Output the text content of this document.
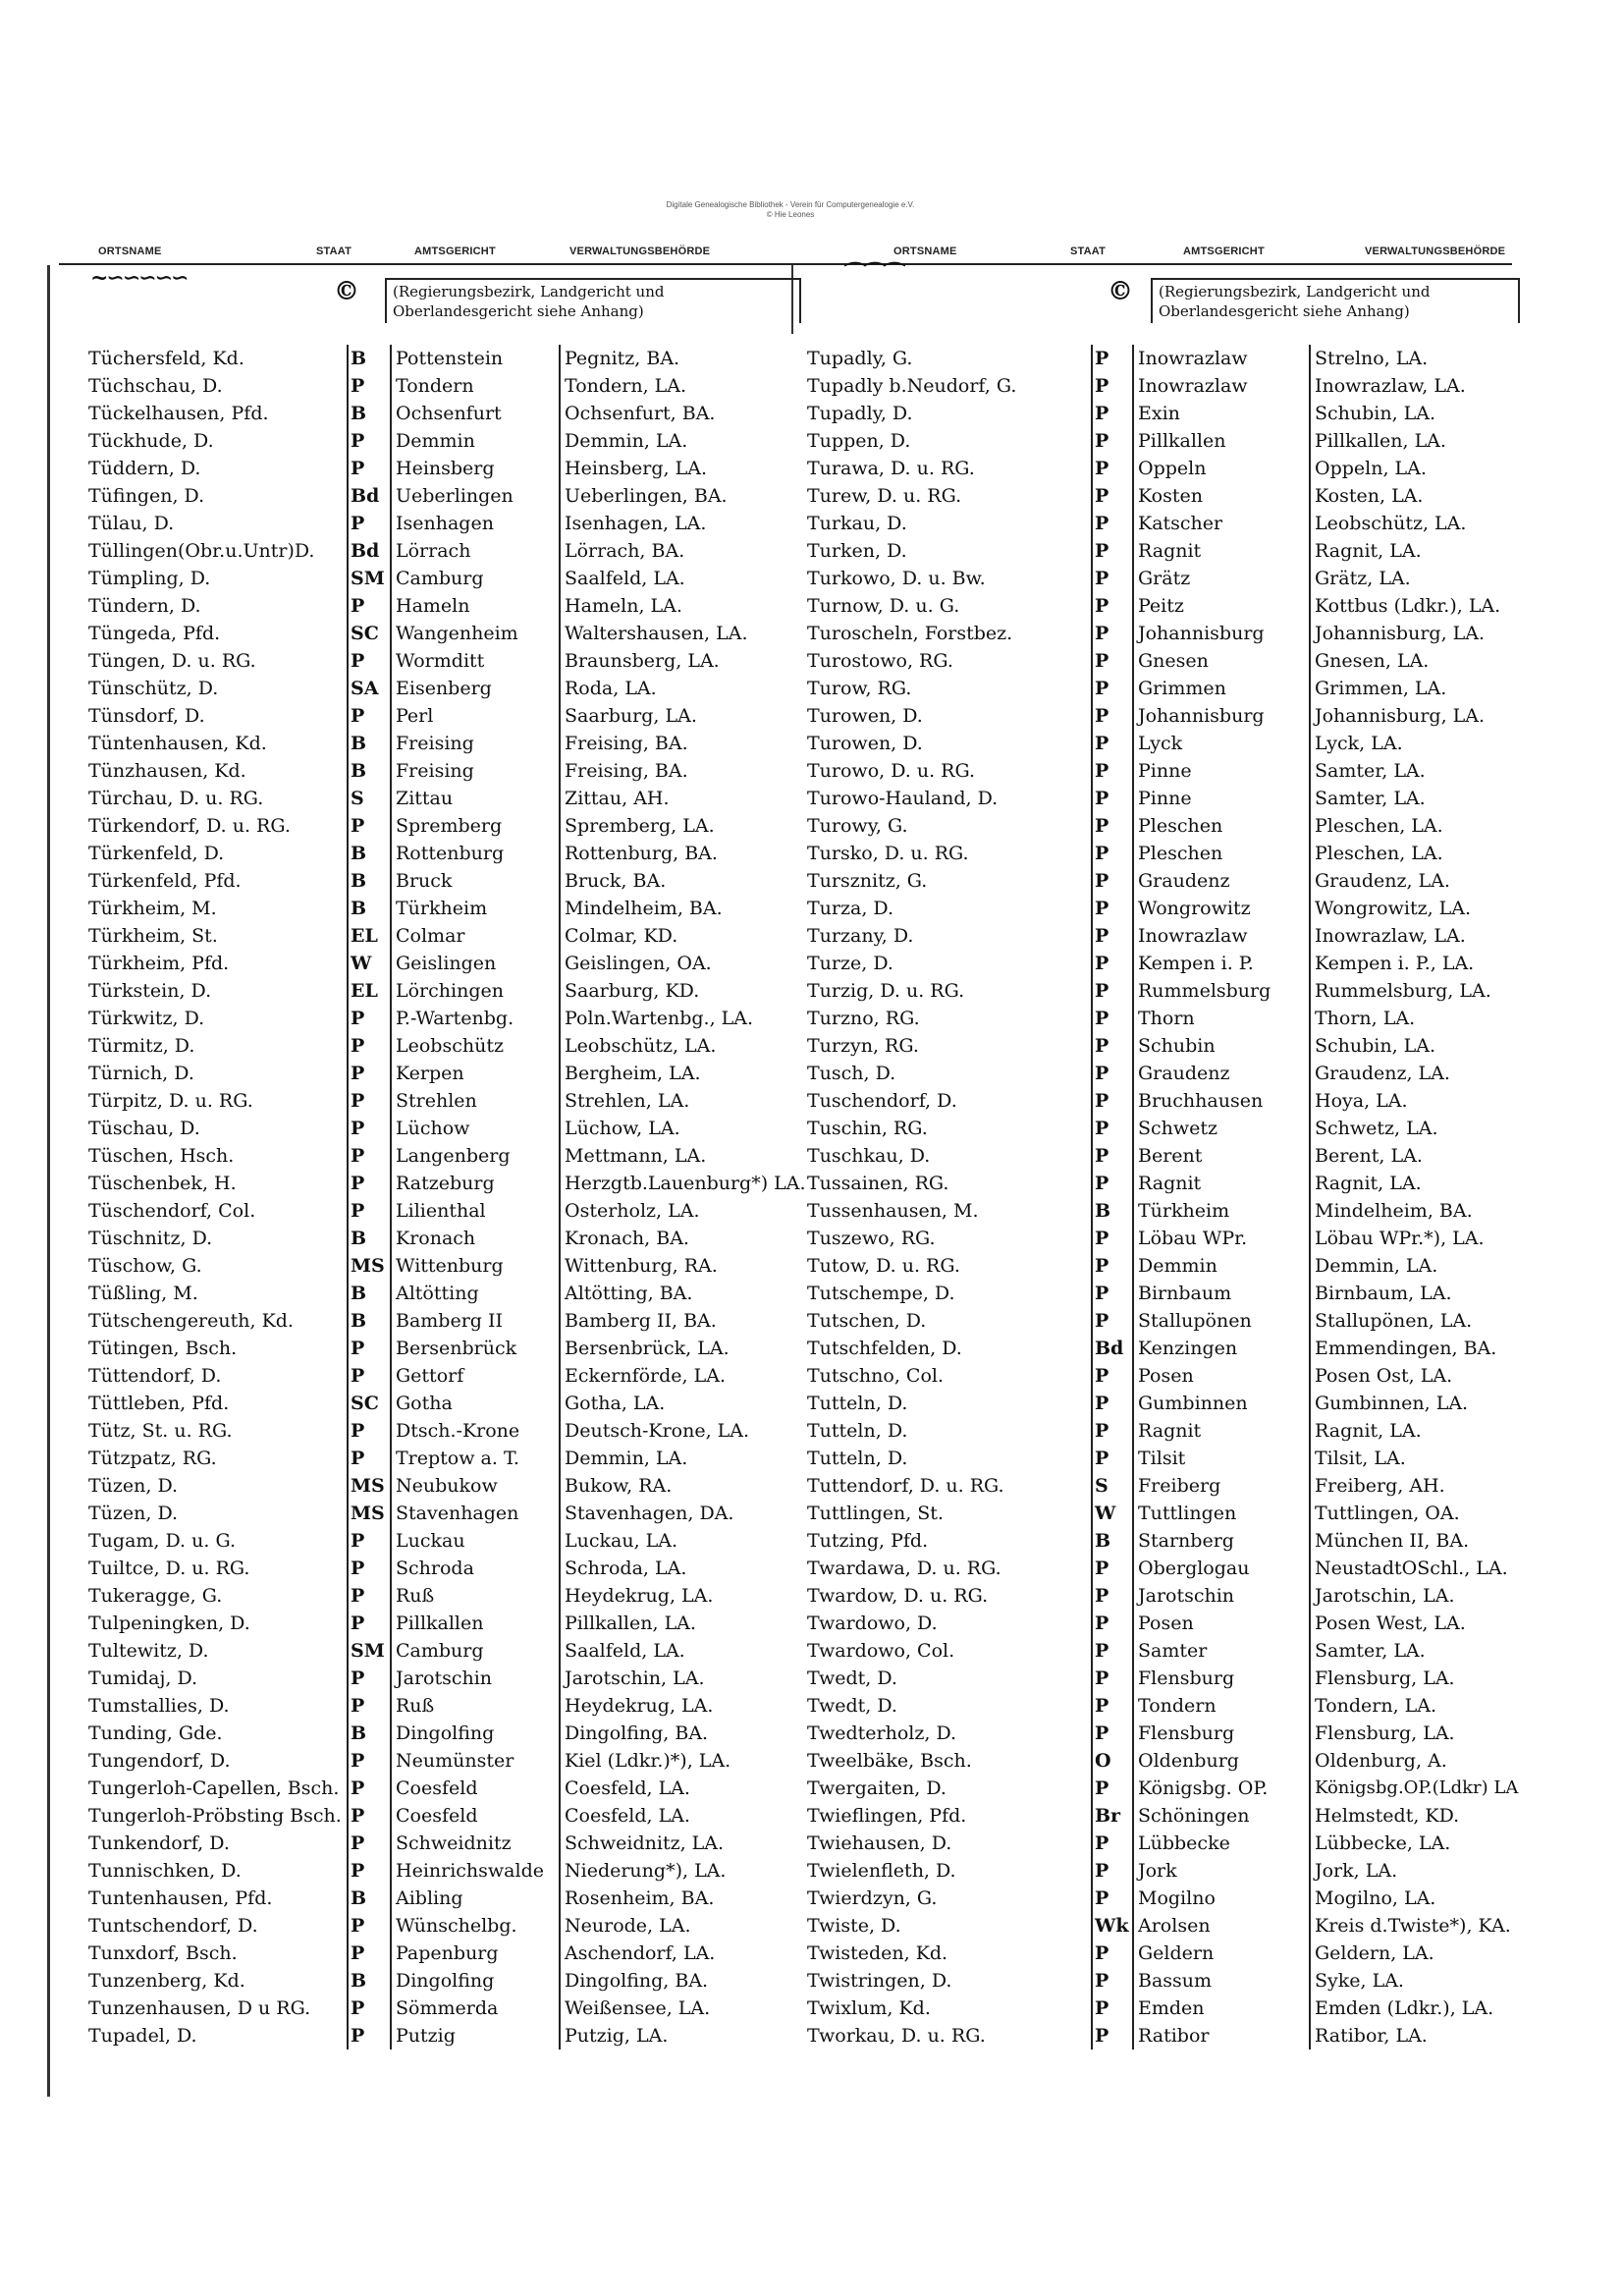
Digitale Genealogische Bibliothek - Verein für Computergenealogie e.V.
© Hie Leones
ORTSNAME	STAAT	AMTSGERICHT	VERWALTUNGSBEHÖRDE	ORTSNAME	STAAT	AMTSGERICHT	VERWALTUNGSBEHÖRDE
~∽∽∽∽∽	⌒⌒⌒
© (Regierungsbezirk, Landgericht und
Oberlandesgericht siehe Anhang)
© (Regierungsbezirk, Landgericht und
Oberlandesgericht siehe Anhang)
Tüchersfeld, Kd.	B	Pottenstein	Pegnitz, BA.
Tüchschau, D.	P	Tondern	Tondern, LA.
Tückelhausen, Pfd.	B	Ochsenfurt	Ochsenfurt, BA.
Tückhude, D.	P	Demmin	Demmin, LA.
Tüddern, D.	P	Heinsberg	Heinsberg, LA.
Tüfingen, D.	Bd	Ueberlingen	Ueberlingen, BA.
Tülau, D.	P	Isenhagen	Isenhagen, LA.
Tüllingen(Obr.u.Untr)D.	Bd	Lörrach	Lörrach, BA.
Tümpling, D.	SM	Camburg	Saalfeld, LA.
Tündern, D.	P	Hameln	Hameln, LA.
Tüngeda, Pfd.	SC	Wangenheim	Waltershausen, LA.
Tüngen, D. u. RG.	P	Wormditt	Braunsberg, LA.
Tünschütz, D.	SA	Eisenberg	Roda, LA.
Tünsdorf, D.	P	Perl	Saarburg, LA.
Tüntenhausen, Kd.	B	Freising	Freising, BA.
Tünzhausen, Kd.	B	Freising	Freising, BA.
Türchau, D. u. RG.	S	Zittau	Zittau, AH.
Türkendorf, D. u. RG.	P	Spremberg	Spremberg, LA.
Türkenfeld, D.	B	Rottenburg	Rottenburg, BA.
Türkenfeld, Pfd.	B	Bruck	Bruck, BA.
Türkheim, M.	B	Türkheim	Mindelheim, BA.
Türkheim, St.	EL	Colmar	Colmar, KD.
Türkheim, Pfd.	W	Geislingen	Geislingen, OA.
Türkstein, D.	EL	Lörchingen	Saarburg, KD.
Türkwitz, D.	P	P.-Wartenbg.	Poln.Wartenbg., LA.
Türmitz, D.	P	Leobschütz	Leobschütz, LA.
Türnich, D.	P	Kerpen	Bergheim, LA.
Türpitz, D. u. RG.	P	Strehlen	Strehlen, LA.
Tüschau, D.	P	Lüchow	Lüchow, LA.
Tüschen, Hsch.	P	Langenberg	Mettmann, LA.
Tüschenbek, H.	P	Ratzeburg	Herzgtb.Lauenburg*) LA.
Tüschendorf, Col.	P	Lilienthal	Osterholz, LA.
Tüschnitz, D.	B	Kronach	Kronach, BA.
Tüschow, G.	MS	Wittenburg	Wittenburg, RA.
Tüßling, M.	B	Altötting	Altötting, BA.
Tütschengereuth, Kd.	B	Bamberg II	Bamberg II, BA.
Tütingen, Bsch.	P	Bersenbrück	Bersenbrück, LA.
Tüttendorf, D.	P	Gettorf	Eckernförde, LA.
Tüttleben, Pfd.	SC	Gotha	Gotha, LA.
Tütz, St. u. RG.	P	Dtsch.-Krone	Deutsch-Krone, LA.
Tützpatz, RG.	P	Treptow a. T.	Demmin, LA.
Tüzen, D.	MS	Neubukow	Bukow, RA.
Tüzen, D.	MS	Stavenhagen	Stavenhagen, DA.
Tugam, D. u. G.	P	Luckau	Luckau, LA.
Tuiltce, D. u. RG.	P	Schroda	Schroda, LA.
Tukeragge, G.	P	Ruß	Heydekrug, LA.
Tulpeningken, D.	P	Pillkallen	Pillkallen, LA.
Tultewitz, D.	SM	Camburg	Saalfeld, LA.
Tumidaj, D.	P	Jarotschin	Jarotschin, LA.
Tumstallies, D.	P	Ruß	Heydekrug, LA.
Tunding, Gde.	B	Dingolfing	Dingolfing, BA.
Tungendorf, D.	P	Neumünster	Kiel (Ldkr.)*), LA.
Tungerloh-Capellen, Bsch.	P	Coesfeld	Coesfeld, LA.
Tungerloh-Pröbsting Bsch.	P	Coesfeld	Coesfeld, LA.
Tunkendorf, D.	P	Schweidnitz	Schweidnitz, LA.
Tunnischken, D.	P	Heinrichswalde	Niederung*), LA.
Tuntenhausen, Pfd.	B	Aibling	Rosenheim, BA.
Tuntschendorf, D.	P	Wünschelbg.	Neurode, LA.
Tunxdorf, Bsch.	P	Papenburg	Aschendorf, LA.
Tunzenberg, Kd.	B	Dingolfing	Dingolfing, BA.
Tunzenhausen, D u RG.	P	Sömmerda	Weißensee, LA.
Tupadel, D.	P	Putzig	Putzig, LA.
Tupadly, G.	P	Inowrazlaw	Strelno, LA.
Tupadly b.Neudorf, G.	P	Inowrazlaw	Inowrazlaw, LA.
Tupadly, D.	P	Exin	Schubin, LA.
Tuppen, D.	P	Pillkallen	Pillkallen, LA.
Turawa, D. u. RG.	P	Oppeln	Oppeln, LA.
Turew, D. u. RG.	P	Kosten	Kosten, LA.
Turkau, D.	P	Katscher	Leobschütz, LA.
Turken, D.	P	Ragnit	Ragnit, LA.
Turkowo, D. u. Bw.	P	Grätz	Grätz, LA.
Turnow, D. u. G.	P	Peitz	Kottbus (Ldkr.), LA.
Turoscheln, Forstbez.	P	Johannisburg	Johannisburg, LA.
Turostowo, RG.	P	Gnesen	Gnesen, LA.
Turow, RG.	P	Grimmen	Grimmen, LA.
Turowen, D.	P	Johannisburg	Johannisburg, LA.
Turowen, D.	P	Lyck	Lyck, LA.
Turowo, D. u. RG.	P	Pinne	Samter, LA.
Turowo-Hauland, D.	P	Pinne	Samter, LA.
Turowy, G.	P	Pleschen	Pleschen, LA.
Tursko, D. u. RG.	P	Pleschen	Pleschen, LA.
Tursznitz, G.	P	Graudenz	Graudenz, LA.
Turza, D.	P	Wongrowitz	Wongrowitz, LA.
Turzany, D.	P	Inowrazlaw	Inowrazlaw, LA.
Turze, D.	P	Kempen i. P.	Kempen i. P., LA.
Turzig, D. u. RG.	P	Rummelsburg	Rummelsburg, LA.
Turzno, RG.	P	Thorn	Thorn, LA.
Turzyn, RG.	P	Schubin	Schubin, LA.
Tusch, D.	P	Graudenz	Graudenz, LA.
Tuschendorf, D.	P	Bruchhausen	Hoya, LA.
Tuschin, RG.	P	Schwetz	Schwetz, LA.
Tuschkau, D.	P	Berent	Berent, LA.
Tussainen, RG.	P	Ragnit	Ragnit, LA.
Tussenhausen, M.	B	Türkheim	Mindelheim, BA.
Tuszewo, RG.	P	Löbau WPr.	Löbau WPr.*), LA.
Tutow, D. u. RG.	P	Demmin	Demmin, LA.
Tutschempe, D.	P	Birnbaum	Birnbaum, LA.
Tutschen, D.	P	Stallupönen	Stallupönen, LA.
Tutschfelden, D.	Bd	Kenzingen	Emmendingen, BA.
Tutschno, Col.	P	Posen	Posen Ost, LA.
Tutteln, D.	P	Gumbinnen	Gumbinnen, LA.
Tutteln, D.	P	Ragnit	Ragnit, LA.
Tutteln, D.	P	Tilsit	Tilsit, LA.
Tuttendorf, D. u. RG.	S	Freiberg	Freiberg, AH.
Tuttlingen, St.	W	Tuttlingen	Tuttlingen, OA.
Tutzing, Pfd.	B	Starnberg	München II, BA.
Twardawa, D. u. RG.	P	Oberglogau	NeustadtOSchl., LA.
Twardow, D. u. RG.	P	Jarotschin	Jarotschin, LA.
Twardowo, D.	P	Posen	Posen West, LA.
Twardowo, Col.	P	Samter	Samter, LA.
Twedt, D.	P	Flensburg	Flensburg, LA.
Twedt, D.	P	Tondern	Tondern, LA.
Twedterholz, D.	P	Flensburg	Flensburg, LA.
Tweelbäke, Bsch.	O	Oldenburg	Oldenburg, A.
Twergaiten, D.	P	Königsbg. OP.	Königsbg.OP.(Ldkr) LA
Twieflingen, Pfd.	Br	Schöningen	Helmstedt, KD.
Twiehausen, D.	P	Lübbecke	Lübbecke, LA.
Twielenfleth, D.	P	Jork	Jork, LA.
Twierdzyn, G.	P	Mogilno	Mogilno, LA.
Twiste, D.	Wk	Arolsen	Kreis d.Twiste*), KA.
Twisteden, Kd.	P	Geldern	Geldern, LA.
Twistringen, D.	P	Bassum	Syke, LA.
Twixlum, Kd.	P	Emden	Emden (Ldkr.), LA.
Tworkau, D. u. RG.	P	Ratibor	Ratibor, LA.
